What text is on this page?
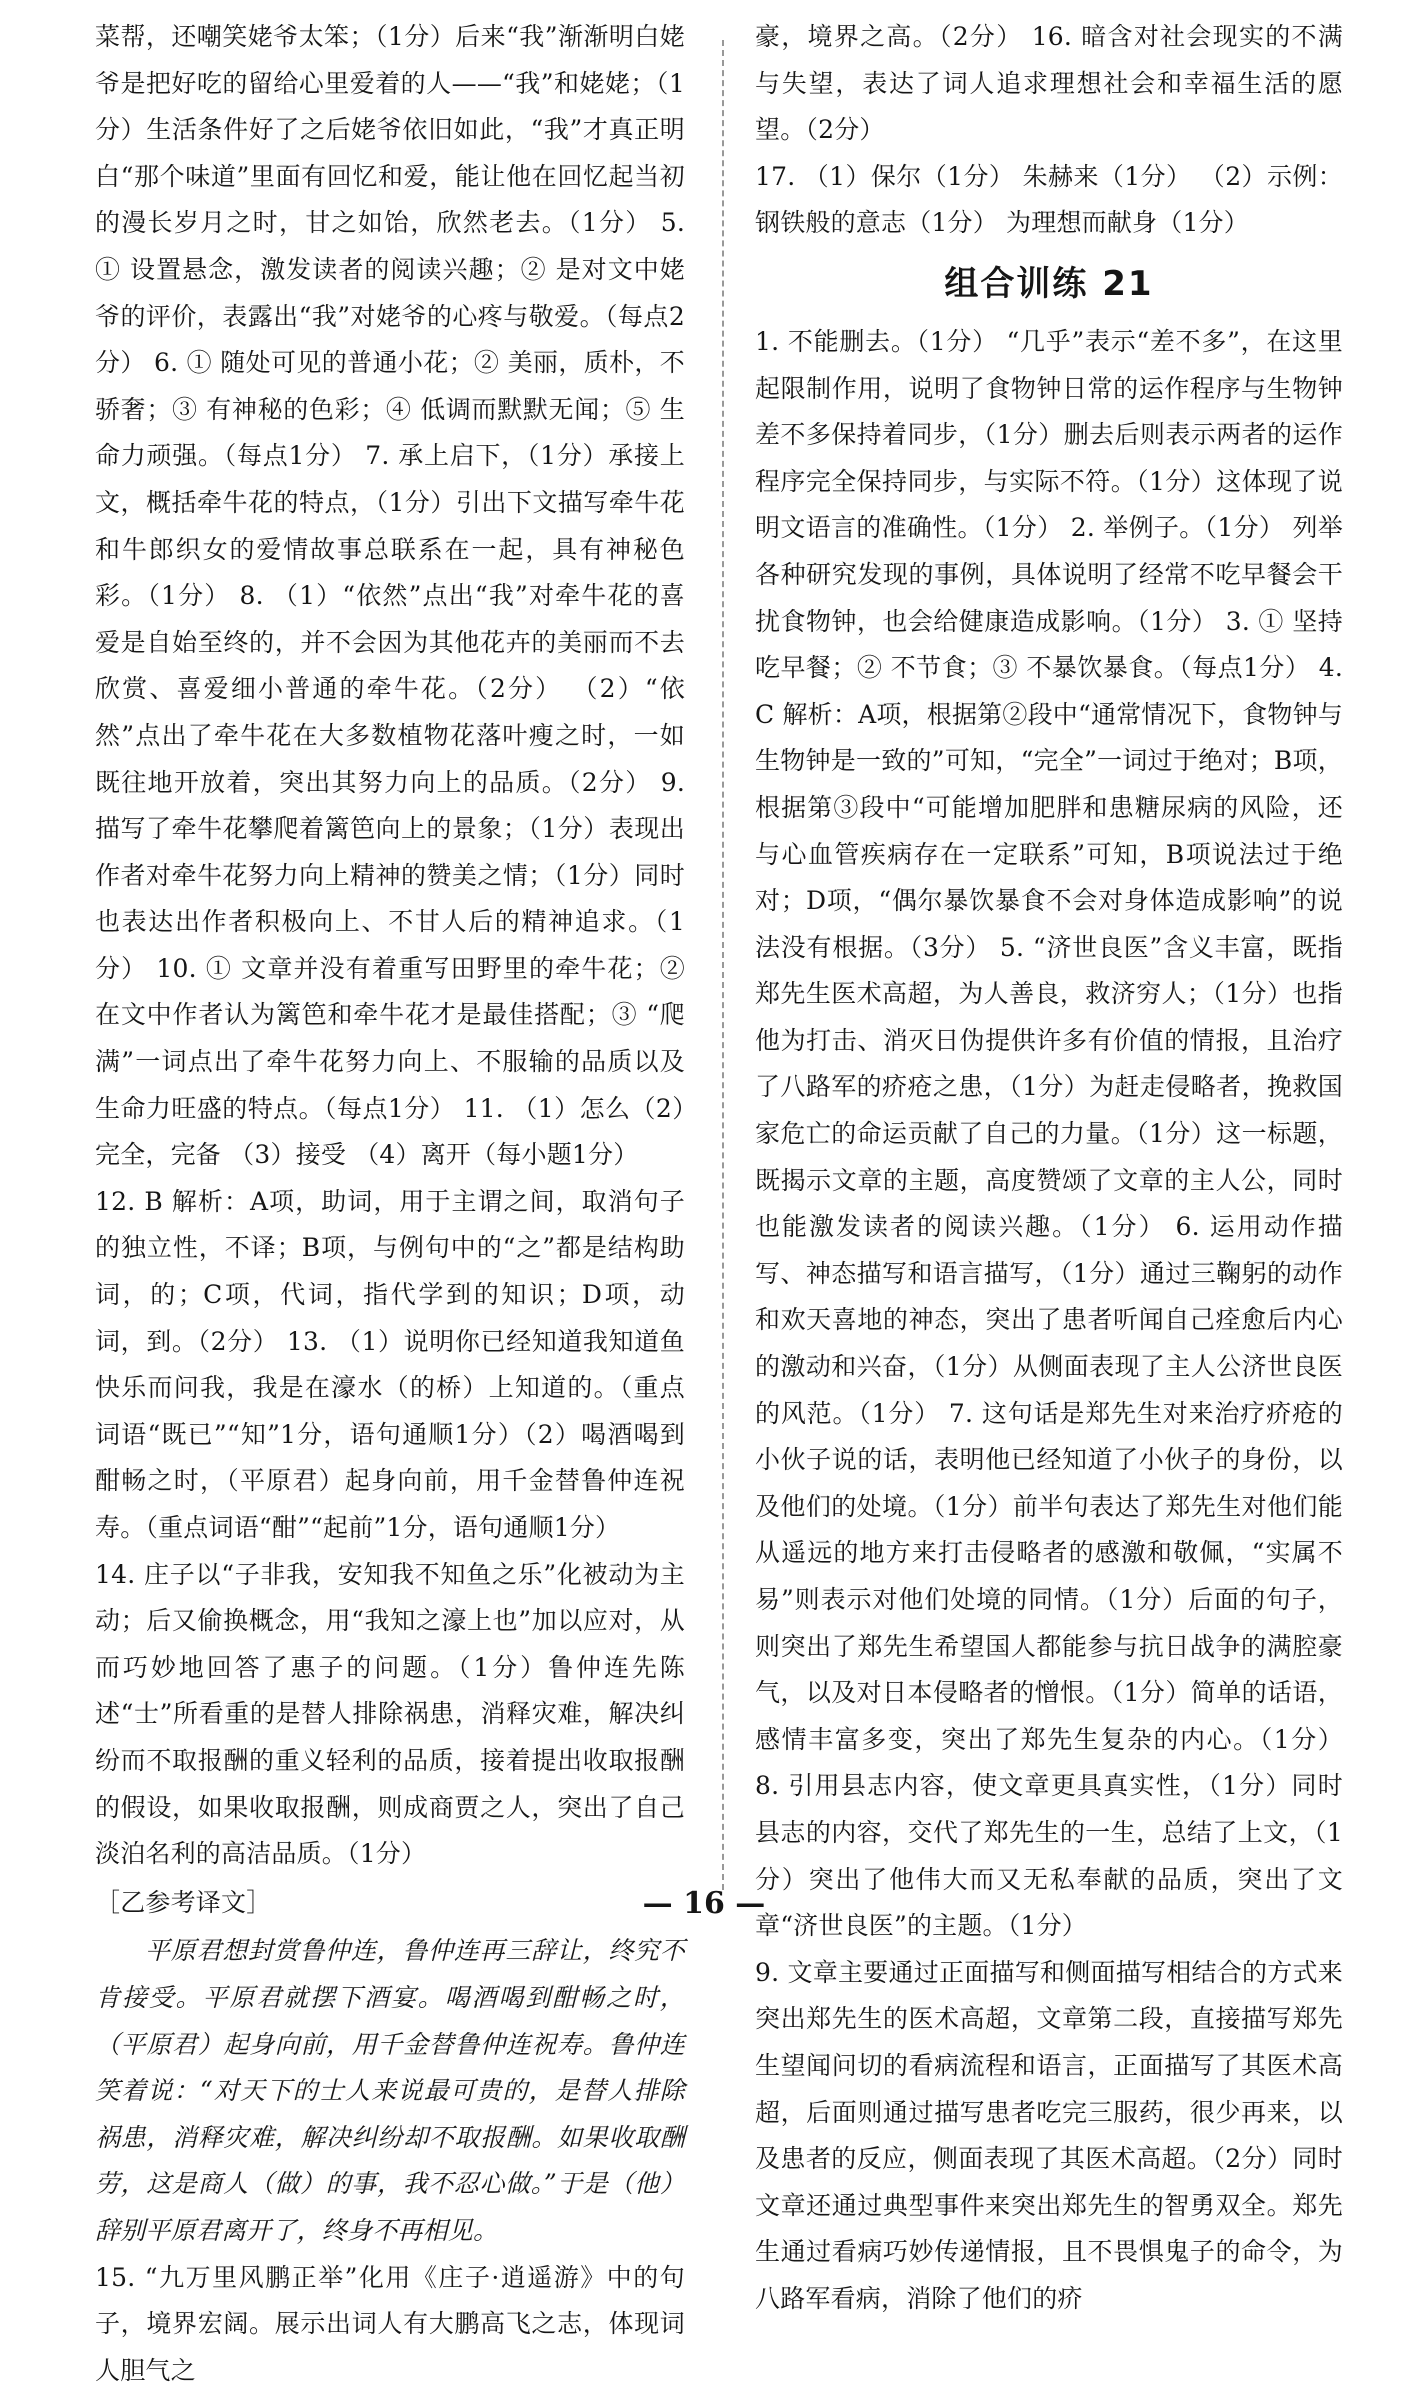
菜帮，还嘲笑姥爷太笨；（1分）后来“我”渐渐明白姥爷是把好吃的留给心里爱着的人——“我”和姥姥；（1分）生活条件好了之后姥爷依旧如此，“我”才真正明白“那个味道”里面有回忆和爱，能让他在回忆起当初的漫长岁月之时，甘之如饴，欣然老去。（1分） 5. ① 设置悬念，激发读者的阅读兴趣；② 是对文中姥爷的评价，表露出“我”对姥爷的心疼与敬爱。（每点2分） 6. ① 随处可见的普通小花；② 美丽，质朴，不骄奢；③ 有神秘的色彩；④ 低调而默默无闻；⑤ 生命力顽强。（每点1分） 7. 承上启下，（1分）承接上文，概括牵牛花的特点，（1分）引出下文描写牵牛花和牛郎织女的爱情故事总联系在一起，具有神秘色彩。（1分） 8. （1）“依然”点出“我”对牵牛花的喜爱是自始至终的，并不会因为其他花卉的美丽而不去欣赏、喜爱细小普通的牵牛花。（2分） （2）“依然”点出了牵牛花在大多数植物花落叶瘦之时，一如既往地开放着，突出其努力向上的品质。（2分） 9. 描写了牵牛花攀爬着篱笆向上的景象；（1分）表现出作者对牵牛花努力向上精神的赞美之情；（1分）同时也表达出作者积极向上、不甘人后的精神追求。（1分） 10. ① 文章并没有着重写田野里的牵牛花；② 在文中作者认为篱笆和牵牛花才是最佳搭配；③ “爬满”一词点出了牵牛花努力向上、不服输的品质以及生命力旺盛的特点。（每点1分） 11. （1）怎么（2）完全，完备 （3）接受 （4）离开（每小题1分）

12. B 解析：A项，助词，用于主谓之间，取消句子的独立性，不译；B项，与例句中的“之”都是结构助词，的；C项，代词，指代学到的知识；D项，动词，到。（2分） 13. （1）说明你已经知道我知道鱼快乐而问我，我是在濠水（的桥）上知道的。（重点词语“既已”“知”1分，语句通顺1分）（2）喝酒喝到酣畅之时，（平原君）起身向前，用千金替鲁仲连祝寿。（重点词语“酣”“起前”1分，语句通顺1分）

14. 庄子以“子非我，安知我不知鱼之乐”化被动为主动；后又偷换概念，用“我知之濠上也”加以应对，从而巧妙地回答了惠子的问题。（1分）鲁仲连先陈述“士”所看重的是替人排除祸患，消释灾难，解决纠纷而不取报酬的重义轻利的品质，接着提出收取报酬的假设，如果收取报酬，则成商贾之人，突出了自己淡泊名利的高洁品质。（1分）

［乙参考译文］

平原君想封赏鲁仲连，鲁仲连再三辞让，终究不肯接受。平原君就摆下酒宴。喝酒喝到酣畅之时，（平原君）起身向前，用千金替鲁仲连祝寿。鲁仲连笑着说：“对天下的士人来说最可贵的，是替人排除祸患，消释灾难，解决纠纷却不取报酬。如果收取酬劳，这是商人（做）的事，我不忍心做。”于是（他）辞别平原君离开了，终身不再相见。

15. “九万里风鹏正举”化用《庄子·逍遥游》中的句子，境界宏阔。展示出词人有大鹏高飞之志，体现词人胆气之

豪，境界之高。（2分） 16. 暗含对社会现实的不满与失望，表达了词人追求理想社会和幸福生活的愿望。（2分）

17. （1）保尔（1分） 朱赫来（1分） （2）示例：钢铁般的意志（1分） 为理想而献身（1分）

组合训练 21

1. 不能删去。（1分） “几乎”表示“差不多”，在这里起限制作用，说明了食物钟日常的运作程序与生物钟差不多保持着同步，（1分）删去后则表示两者的运作程序完全保持同步，与实际不符。（1分）这体现了说明文语言的准确性。（1分） 2. 举例子。（1分） 列举各种研究发现的事例，具体说明了经常不吃早餐会干扰食物钟，也会给健康造成影响。（1分） 3. ① 坚持吃早餐；② 不节食；③ 不暴饮暴食。（每点1分） 4. C 解析：A项，根据第②段中“通常情况下，食物钟与生物钟是一致的”可知，“完全”一词过于绝对；B项，根据第③段中“可能增加肥胖和患糖尿病的风险，还与心血管疾病存在一定联系”可知，B项说法过于绝对；D项，“偶尔暴饮暴食不会对身体造成影响”的说法没有根据。（3分） 5. “济世良医”含义丰富，既指郑先生医术高超，为人善良，救济穷人；（1分）也指他为打击、消灭日伪提供许多有价值的情报，且治疗了八路军的疥疮之患，（1分）为赶走侵略者，挽救国家危亡的命运贡献了自己的力量。（1分）这一标题，既揭示文章的主题，高度赞颂了文章的主人公，同时也能激发读者的阅读兴趣。（1分） 6. 运用动作描写、神态描写和语言描写，（1分）通过三鞠躬的动作和欢天喜地的神态，突出了患者听闻自己痊愈后内心的激动和兴奋，（1分）从侧面表现了主人公济世良医的风范。（1分） 7. 这句话是郑先生对来治疗疥疮的小伙子说的话，表明他已经知道了小伙子的身份，以及他们的处境。（1分）前半句表达了郑先生对他们能从遥远的地方来打击侵略者的感激和敬佩，“实属不易”则表示对他们处境的同情。（1分）后面的句子，则突出了郑先生希望国人都能参与抗日战争的满腔豪气，以及对日本侵略者的憎恨。（1分）简单的话语，感情丰富多变，突出了郑先生复杂的内心。（1分） 8. 引用县志内容，使文章更具真实性，（1分）同时县志的内容，交代了郑先生的一生，总结了上文，（1分）突出了他伟大而又无私奉献的品质，突出了文章“济世良医”的主题。（1分）

9. 文章主要通过正面描写和侧面描写相结合的方式来突出郑先生的医术高超，文章第二段，直接描写郑先生望闻问切的看病流程和语言，正面描写了其医术高超，后面则通过描写患者吃完三服药，很少再来，以及患者的反应，侧面表现了其医术高超。（2分）同时文章还通过典型事件来突出郑先生的智勇双全。郑先生通过看病巧妙传递情报，且不畏惧鬼子的命令，为八路军看病，消除了他们的疥

— 16 —
